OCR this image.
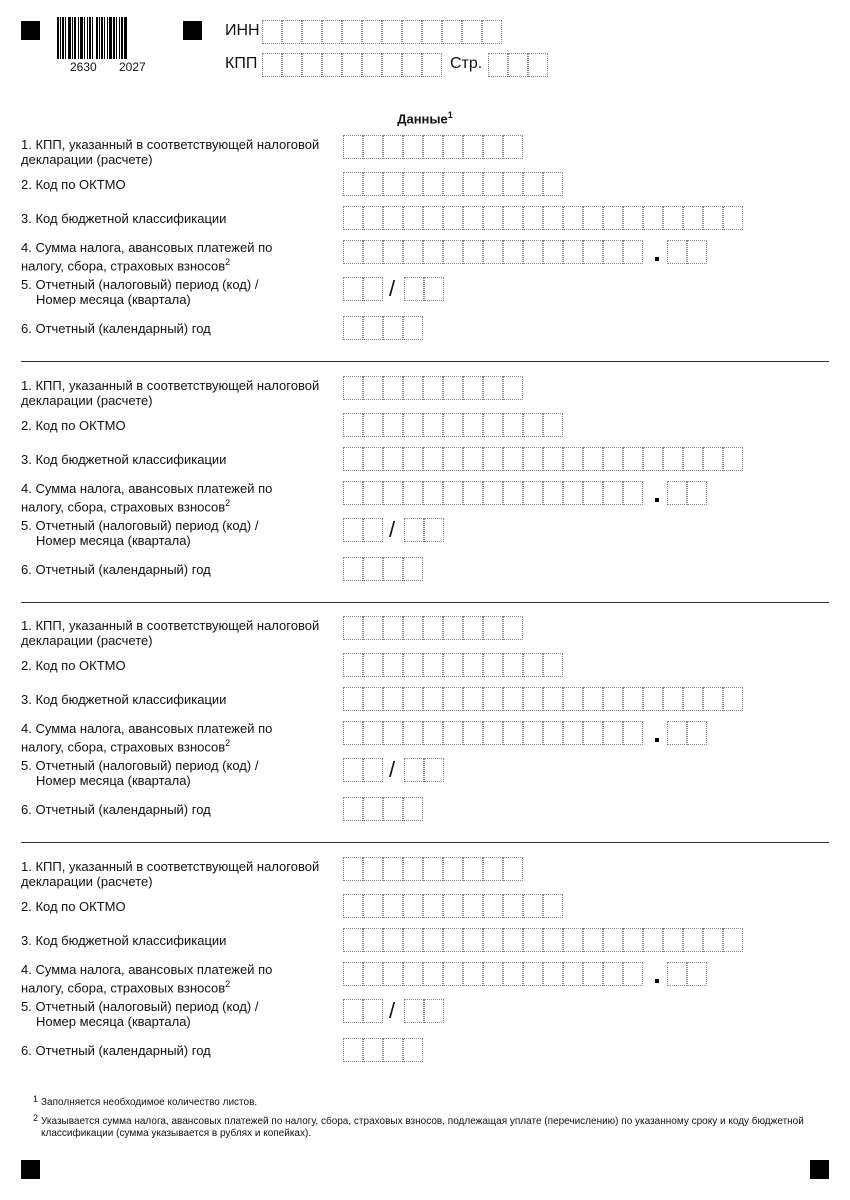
2630 2027
ИНН
КПП	Стр.
Данные$^1$
1. КПП, указанный в соответствующей налоговой декларации (расчете)
2. Код по ОКТМО
3. Код бюджетной классификации
4. Сумма налога, авансовых платежей по налогу, сбора, страховых взносов$^2$
5. Отчетный (налоговый) период (код) /
Номер месяца (квартала)	/
6. Отчетный (календарный) год
1. КПП, указанный в соответствующей налоговой декларации (расчете)
2. Код по ОКТМО
3. Код бюджетной классификации
4. Сумма налога, авансовых платежей по налогу, сбора, страховых взносов$^2$
5. Отчетный (налоговый) период (код) /
Номер месяца (квартала)	/
6. Отчетный (календарный) год
1. КПП, указанный в соответствующей налоговой декларации (расчете)
2. Код по ОКТМО
3. Код бюджетной классификации
4. Сумма налога, авансовых платежей по налогу, сбора, страховых взносов$^2$
5. Отчетный (налоговый) период (код) /
Номер месяца (квартала)	/
6. Отчетный (календарный) год
1. КПП, указанный в соответствующей налоговой декларации (расчете)
2. Код по ОКТМО
3. Код бюджетной классификации
4. Сумма налога, авансовых платежей по налогу, сбора, страховых взносов$^2$
5. Отчетный (налоговый) период (код) /
Номер месяца (квартала)	/
6. Отчетный (календарный) год
1 Заполняется необходимое количество листов.
2 Указывается сумма налога, авансовых платежей по налогу, сбора, страховых взносов, подлежащая уплате (перечислению) по указанному сроку и коду бюджетной классификации (сумма указывается в рублях и копейках).
